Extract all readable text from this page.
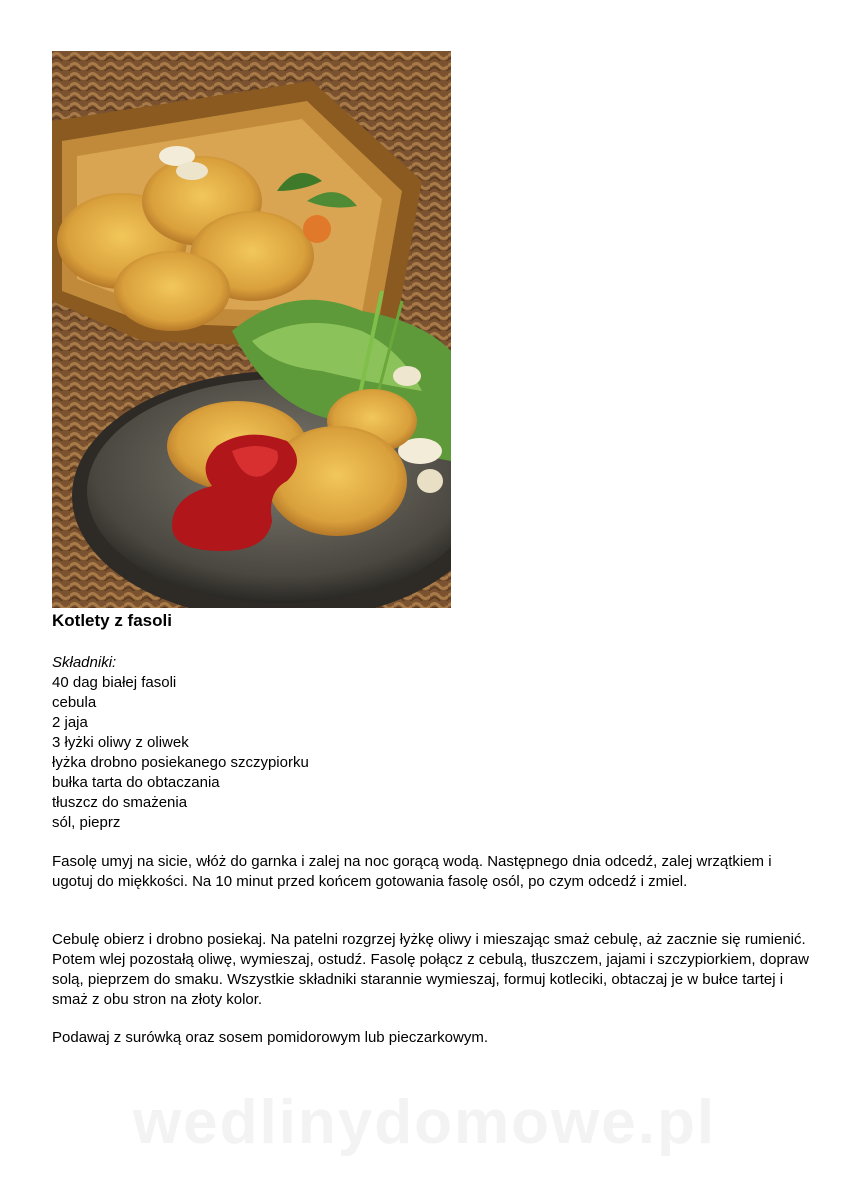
Kotlety z fasoli
Składniki:
40 dag białej fasoli
cebula
2 jaja
3 łyżki oliwy z oliwek
łyżka drobno posiekanego szczypiorku
bułka tarta do obtaczania
tłuszcz do smażenia
sól, pieprz

Fasolę umyj na sicie, włóż do garnka i zalej na noc gorącą wodą. Następnego dnia odcedź, zalej wrzątkiem i ugotuj do miękkości. Na 10 minut przed końcem gotowania fasolę osól, po czym odcedź i zmiel.

Cebulę obierz i drobno posiekaj. Na patelni rozgrzej łyżkę oliwy i mieszając smaż cebulę, aż zacznie się rumienić. Potem wlej pozostałą oliwę, wymieszaj, ostudź. Fasolę połącz z cebulą, tłuszczem, jajami i szczypiorkiem, dopraw solą, pieprzem do smaku. Wszystkie składniki starannie wymieszaj, formuj kotleciki, obtaczaj je w bułce tartej i smaż z obu stron na złoty kolor.

Podawaj z surówką oraz sosem pomidorowym lub pieczarkowym.

wedlinydomowe.pl
